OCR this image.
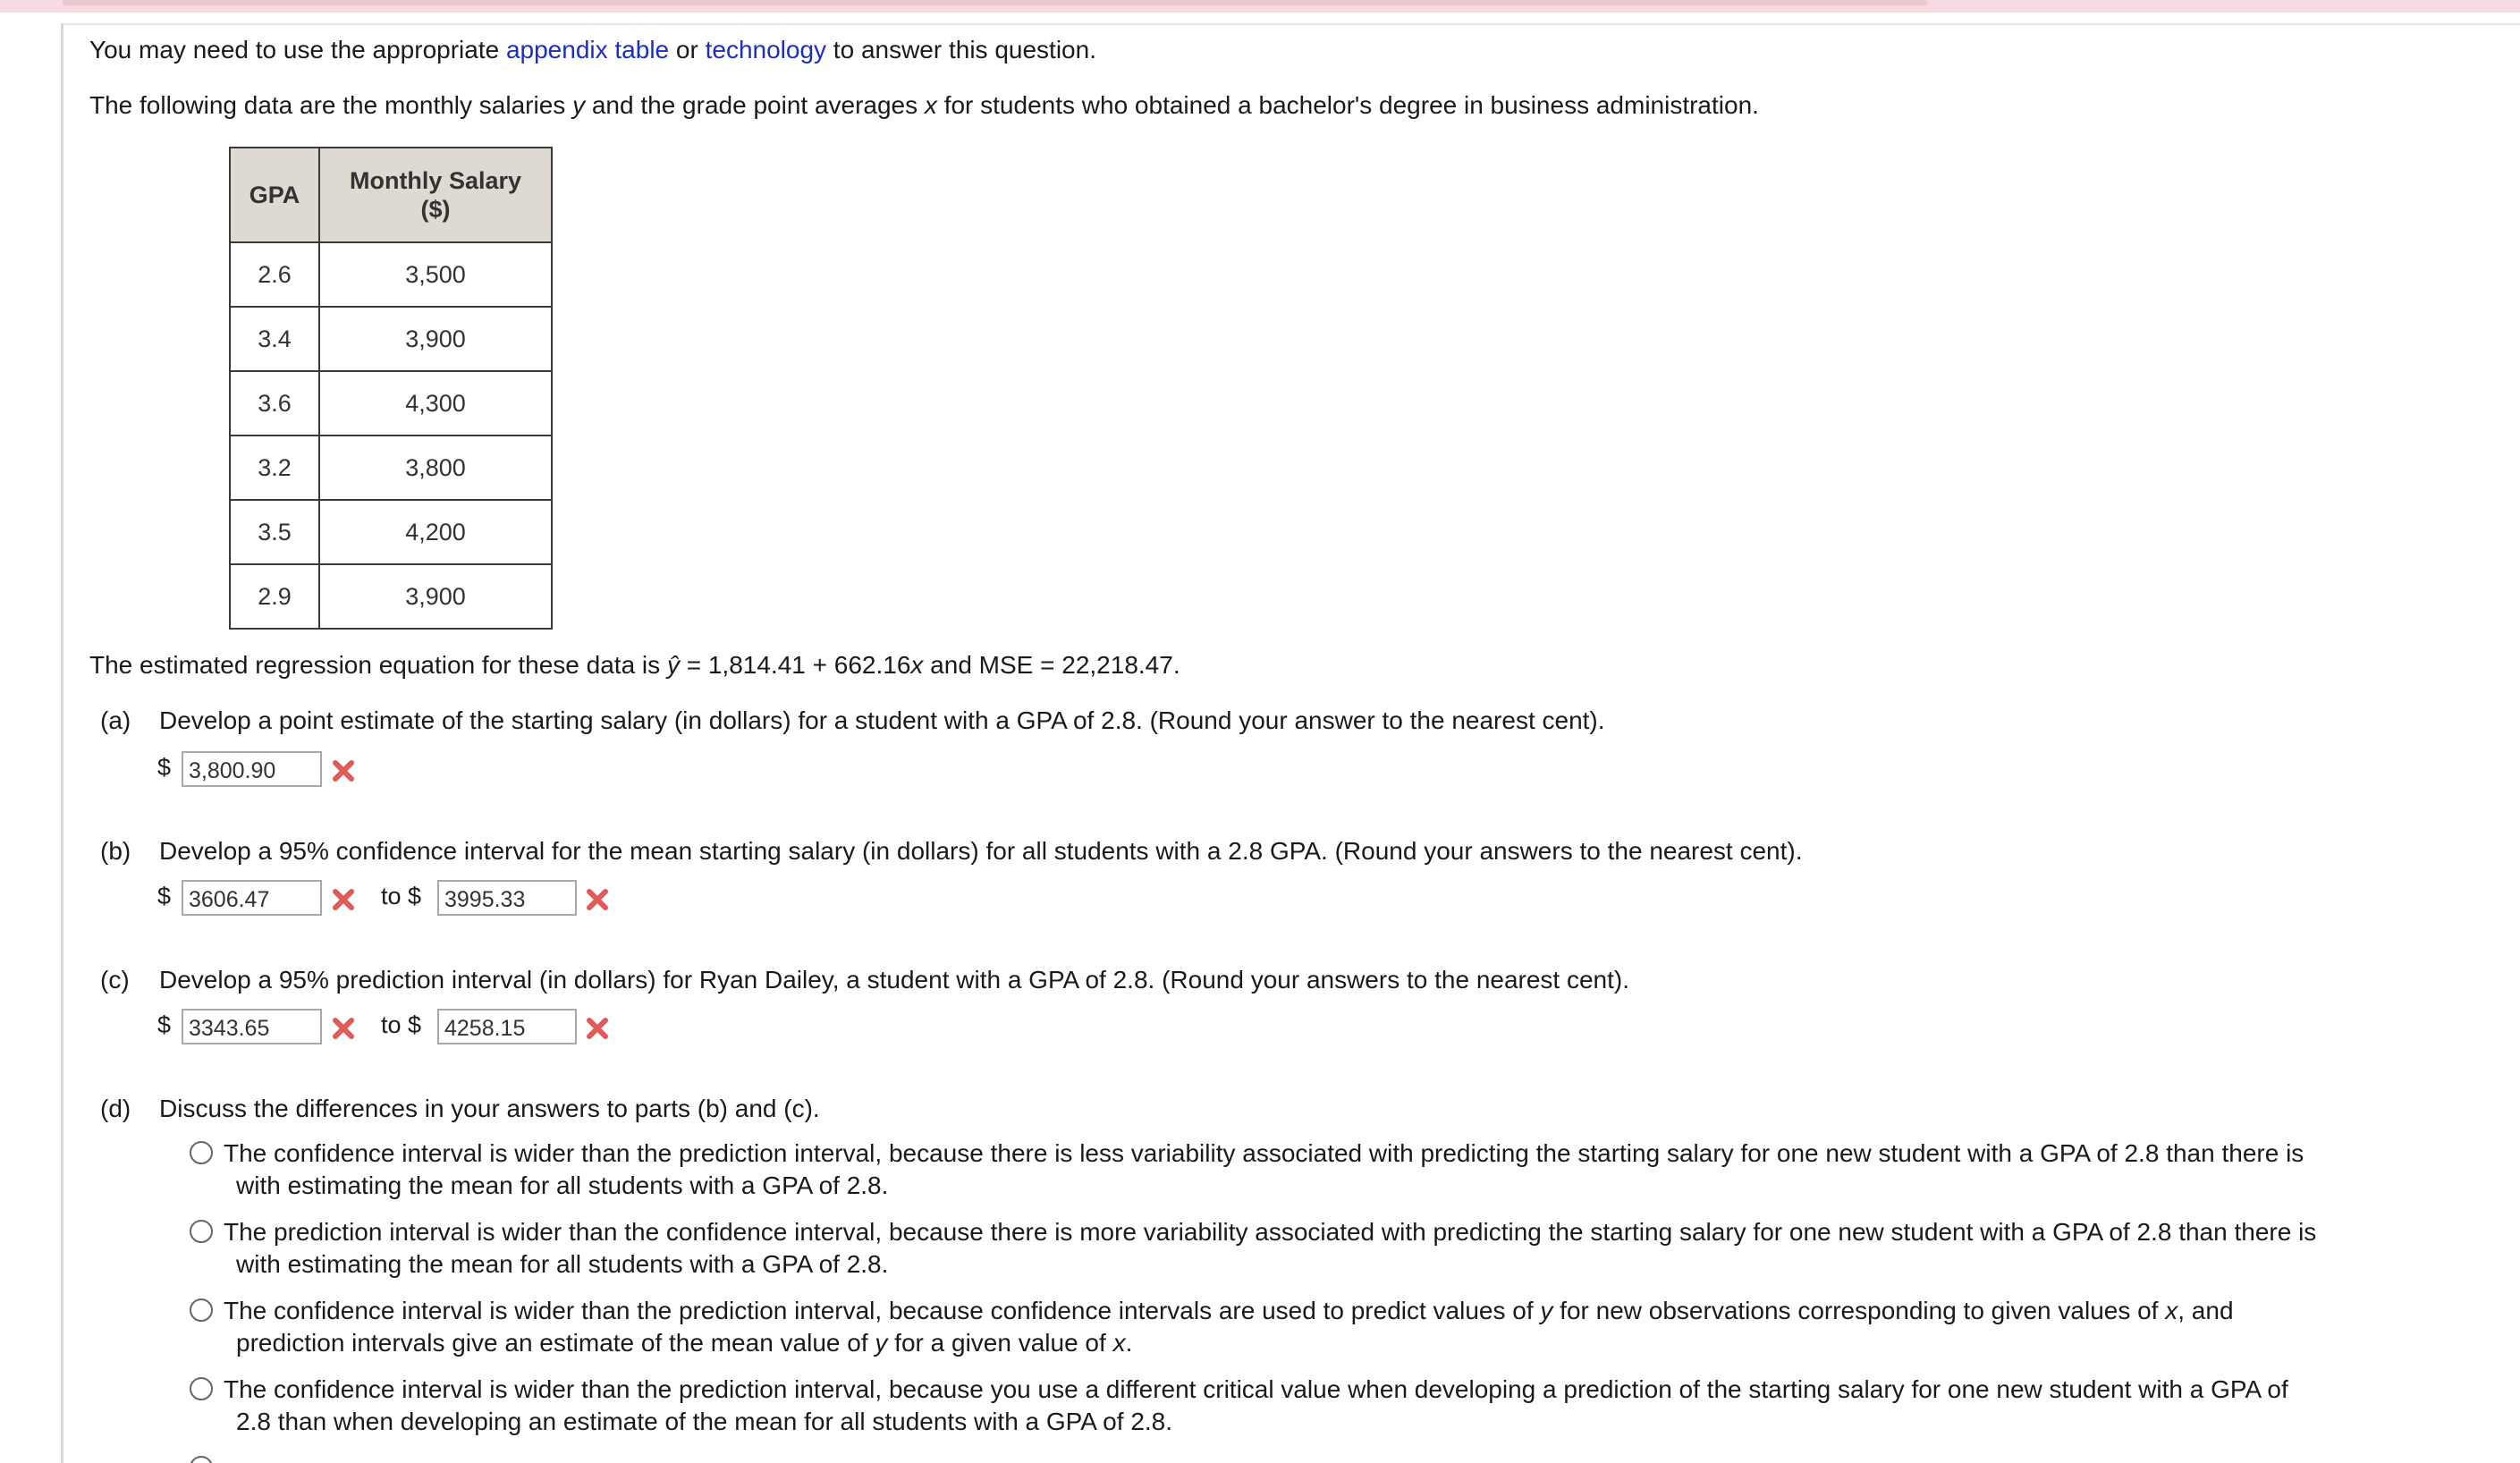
You may need to use the appropriate appendix table or technology to answer this question.
The following data are the monthly salaries y and the grade point averages x for students who obtained a bachelor's degree in business administration.
GPA	Monthly Salary
($)
2.6	3,500
3.4	3,900
3.6	4,300
3.2	3,800
3.5	4,200
2.9	3,900
The estimated regression equation for these data is ŷ = 1,814.41 + 662.16x and MSE = 22,218.47.
(a) Develop a point estimate of the starting salary (in dollars) for a student with a GPA of 2.8. (Round your answer to the nearest cent).
$ 3,800.90
(b) Develop a 95% confidence interval for the mean starting salary (in dollars) for all students with a 2.8 GPA. (Round your answers to the nearest cent).
$ 3606.47	to $	3995.33
(c) Develop a 95% prediction interval (in dollars) for Ryan Dailey, a student with a GPA of 2.8. (Round your answers to the nearest cent).
$ 3343.65	to $	4258.15
(d) Discuss the differences in your answers to parts (b) and (c).
The confidence interval is wider than the prediction interval, because there is less variability associated with predicting the starting salary for one new student with a GPA of 2.8 than there is
with estimating the mean for all students with a GPA of 2.8.
The prediction interval is wider than the confidence interval, because there is more variability associated with predicting the starting salary for one new student with a GPA of 2.8 than there is
with estimating the mean for all students with a GPA of 2.8.
The confidence interval is wider than the prediction interval, because confidence intervals are used to predict values of y for new observations corresponding to given values of x, and
prediction intervals give an estimate of the mean value of y for a given value of x.
The confidence interval is wider than the prediction interval, because you use a different critical value when developing a prediction of the starting salary for one new student with a GPA of
2.8 than when developing an estimate of the mean for all students with a GPA of 2.8.
